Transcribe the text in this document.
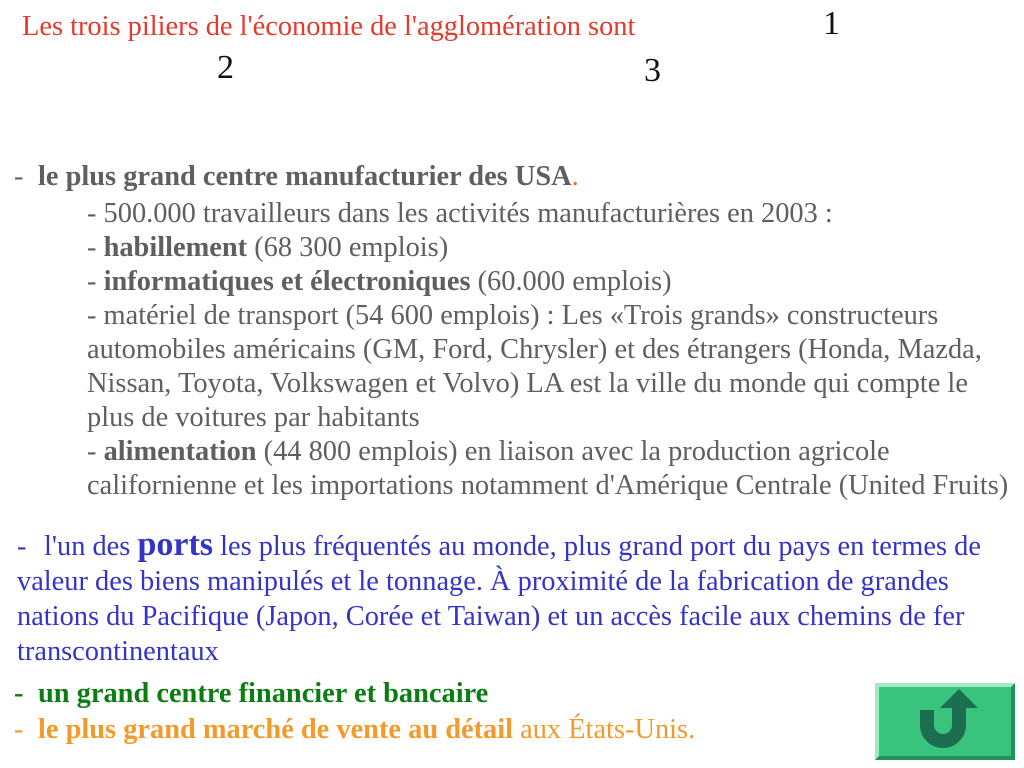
Les trois piliers de l'économie de l'agglomération sont	1
2	3
- le plus grand centre manufacturier des USA.
- 500.000 travailleurs dans les activités manufacturières en 2003 :
- habillement (68 300 emplois)
- informatiques et électroniques (60.000 emplois)
- matériel de transport (54 600 emplois) : Les «Trois grands» constructeurs
automobiles américains (GM, Ford, Chrysler) et des étrangers (Honda, Mazda,
Nissan, Toyota, Volkswagen et Volvo) LA est la ville du monde qui compte le
plus de voitures par habitants
- alimentation (44 800 emplois) en liaison avec la production agricole
californienne et les importations notamment d'Amérique Centrale (United Fruits)
- l'un des ports les plus fréquentés au monde, plus grand port du pays en termes de
valeur des biens manipulés et le tonnage. À proximité de la fabrication de grandes
nations du Pacifique (Japon, Corée et Taiwan) et un accès facile aux chemins de fer
transcontinentaux
- un grand centre financier et bancaire
- le plus grand marché de vente au détail aux États-Unis.
